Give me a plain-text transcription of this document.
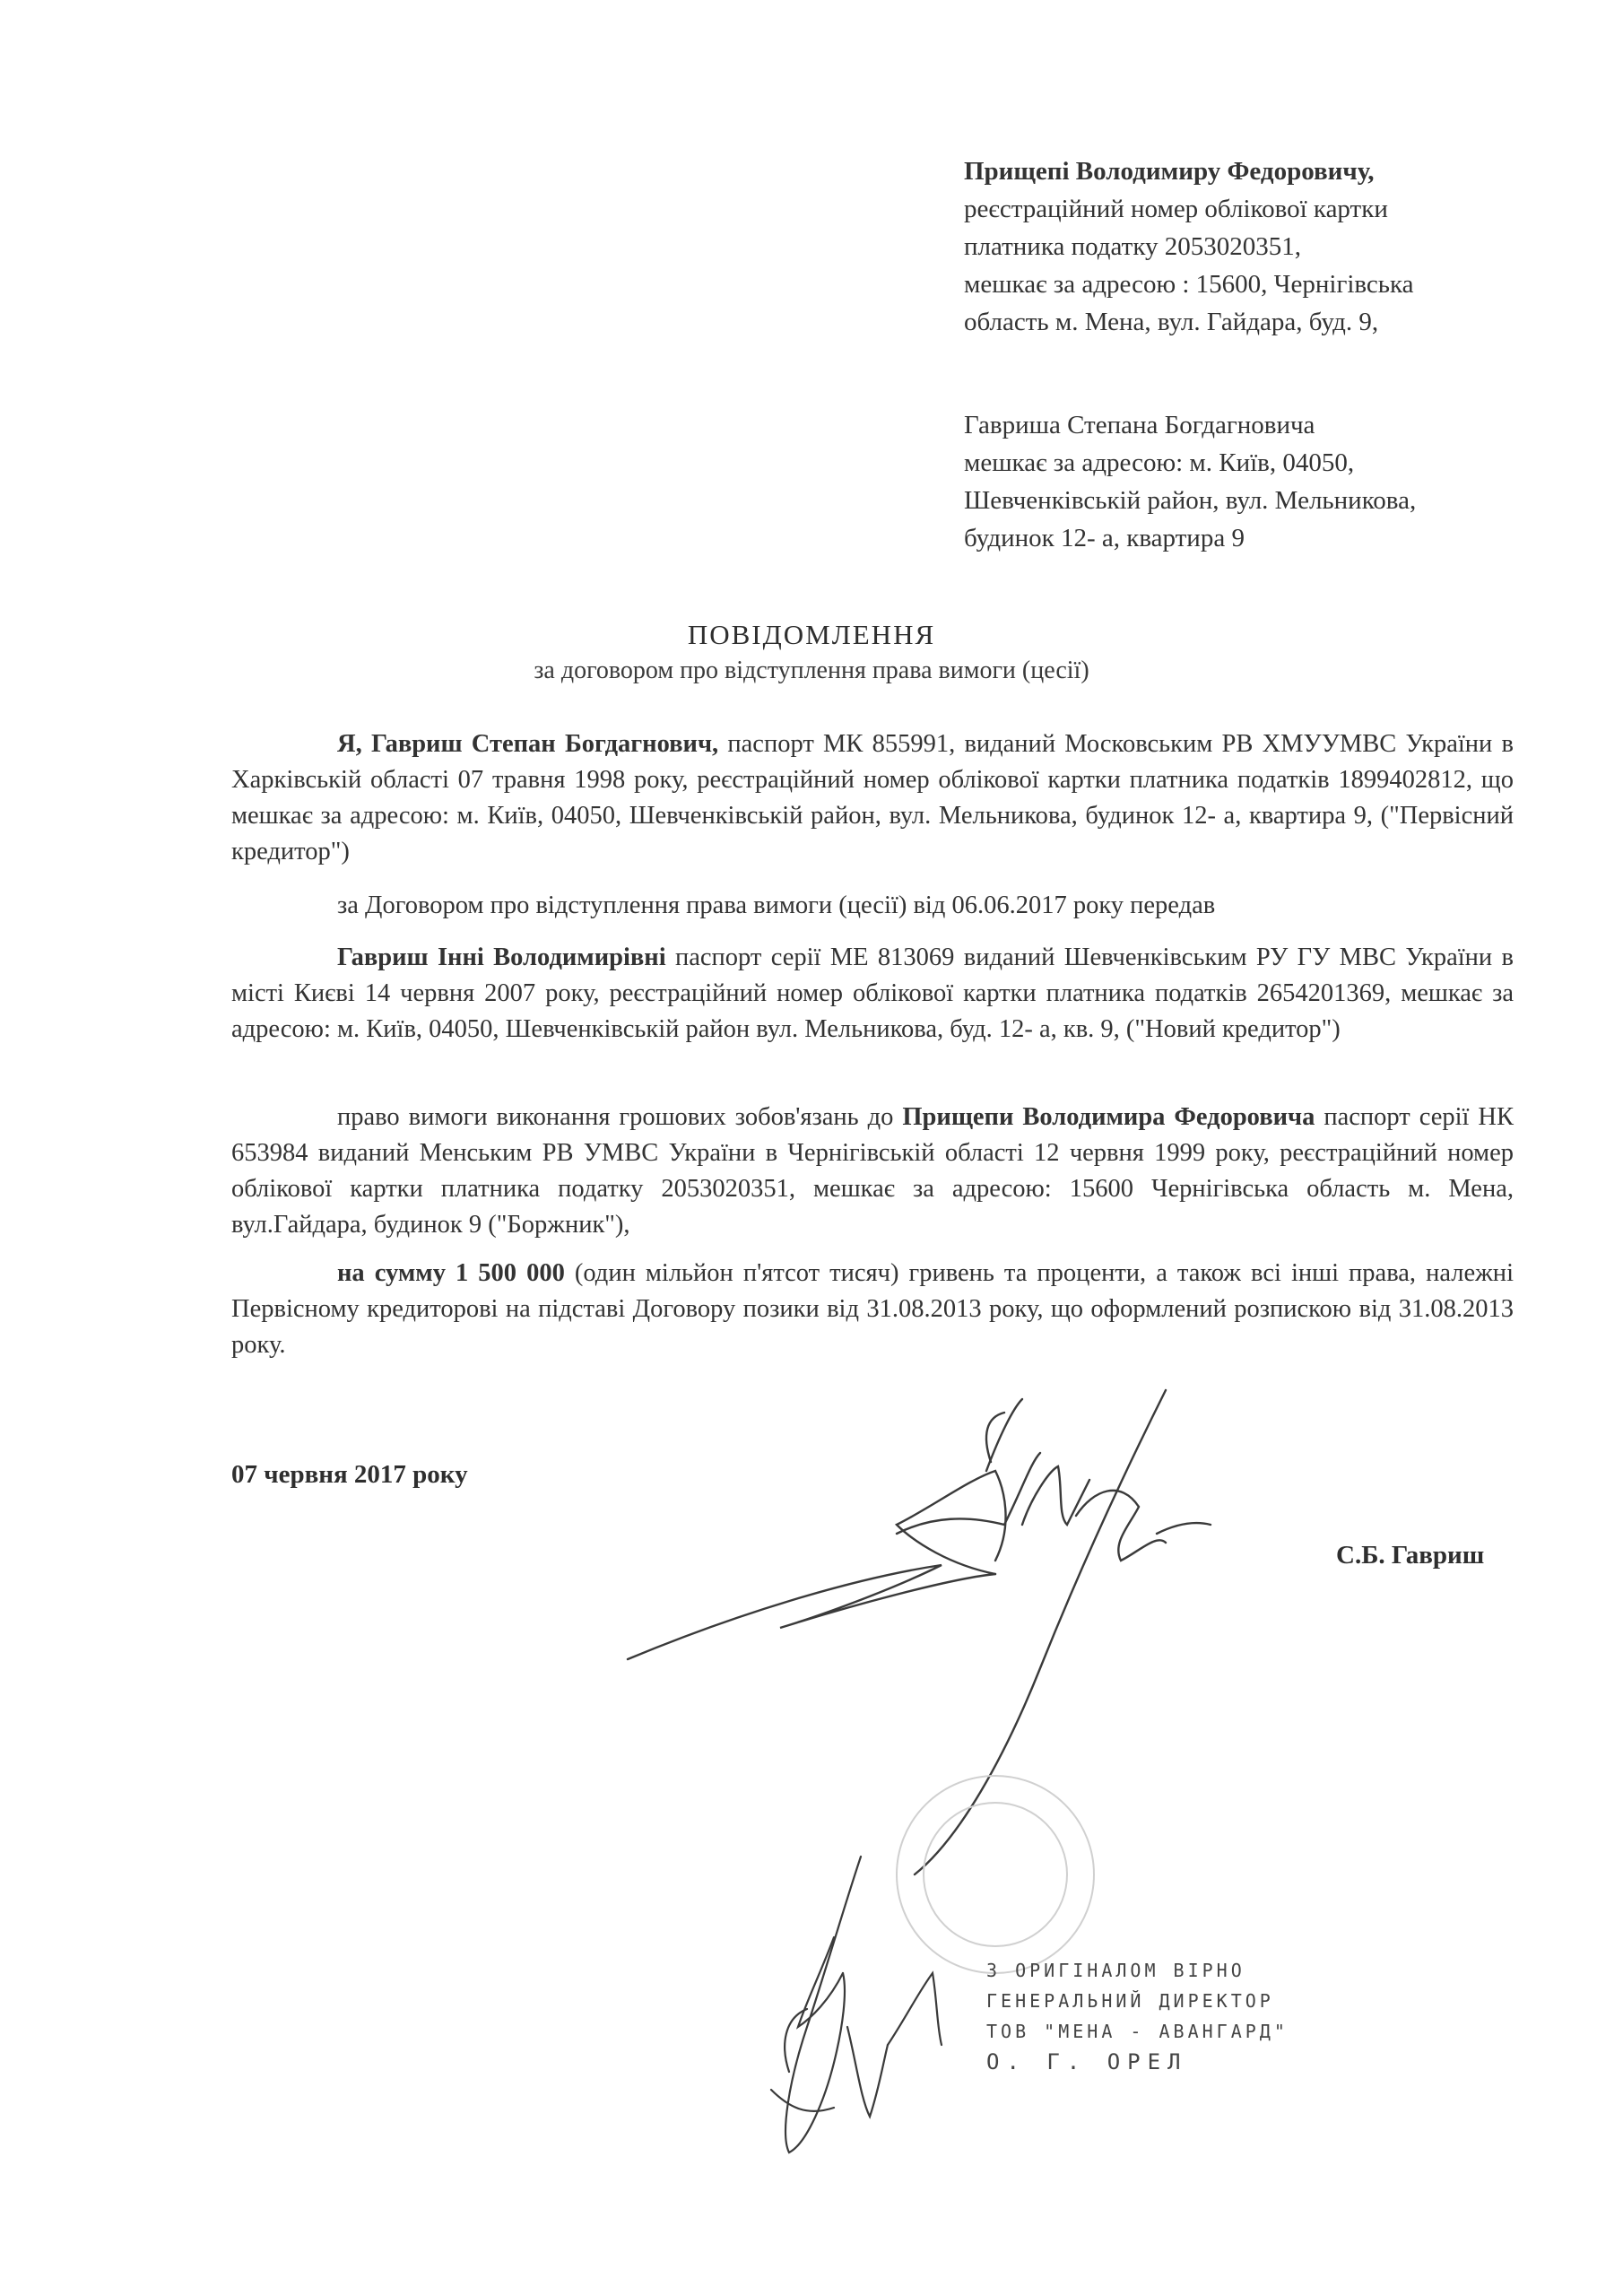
Прищепі Володимиру Федоровичу,

реєстраційний номер облікової картки

платника податку 2053020351,

мешкає за адресою : 15600, Чернігівська

область м. Мена, вул. Гайдара, буд. 9,

Гавриша Степана Богдагновича

мешкає за адресою: м. Київ, 04050,

Шевченківській район, вул. Мельникова,

будинок 12- а, квартира 9

ПОВІДОМЛЕННЯ

за договором про відступлення права вимоги (цесії)

Я, Гавриш Степан Богдагнович, паспорт МК 855991, виданий Московським РВ ХМУУМВС України в Харківській області 07 травня 1998 року, реєстраційний номер облікової картки платника податків 1899402812, що мешкає за адресою: м. Київ, 04050, Шевченківській район, вул. Мельникова, будинок 12- а, квартира 9, ("Первісний кредитор")

за Договором про відступлення права вимоги (цесії) від 06.06.2017 року передав

Гавриш Інні Володимирівні паспорт серії МЕ 813069 виданий Шевченківським РУ ГУ МВС України в місті Києві 14 червня 2007 року, реєстраційний номер облікової картки платника податків 2654201369, мешкає за адресою: м. Київ, 04050, Шевченківській район вул. Мельникова, буд. 12- а, кв. 9, ("Новий кредитор")

право вимоги виконання грошових зобов'язань до Прищепи Володимира Федоровича паспорт серії НК 653984 виданий Менським РВ УМВС України в Чернігівській області 12 червня 1999 року, реєстраційний номер облікової картки платника податку 2053020351, мешкає за адресою: 15600 Чернігівська область м. Мена, вул.Гайдара, будинок 9 ("Боржник"),

на сумму 1 500 000 (один мільйон п'ятсот тисяч) гривень та проценти, а також всі інші права, належні Первісному кредиторові на підставі Договору позики від 31.08.2013 року, що оформлений розпискою від 31.08.2013 року.

07 червня 2017 року
С.Б. Гавриш

З ОРИГІНАЛОМ ВІРНО

ГЕНЕРАЛЬНИЙ ДИРЕКТОР

ТОВ "МЕНА - АВАНГАРД"

О. Г. ОРЕЛ
